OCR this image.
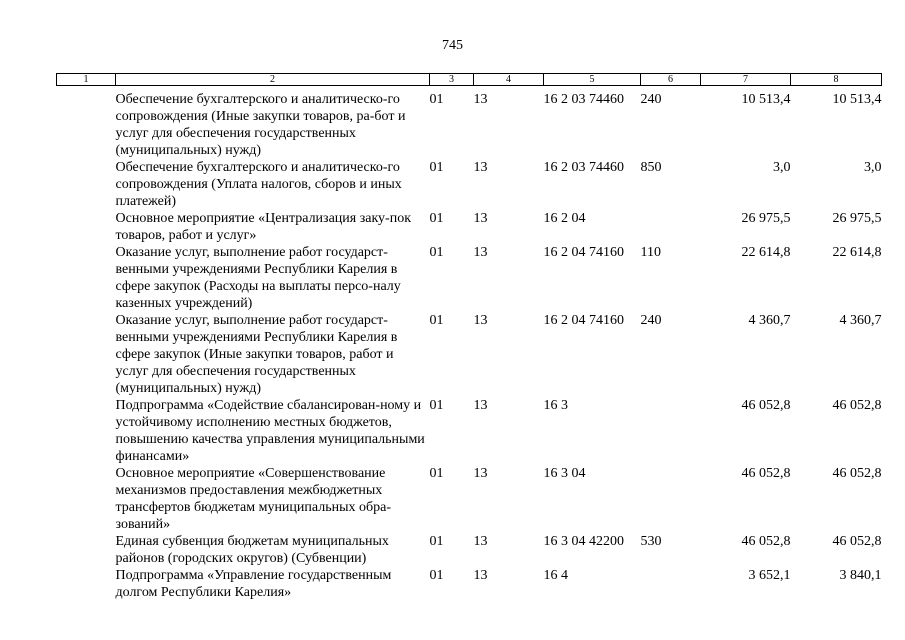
745
1	2	3	4	5	6	7	8
	Обеспечение бухгалтерского и аналитическо-го сопровождения (Иные закупки товаров, ра-бот и услуг для обеспечения государственных (муниципальных) нужд)	01	13	16 2 03 74460	240	10 513,4	10 513,4
	Обеспечение бухгалтерского и аналитическо-го сопровождения (Уплата налогов, сборов и иных платежей)	01	13	16 2 03 74460	850	3,0	3,0
	Основное мероприятие «Централизация заку-пок товаров, работ и услуг»	01	13	16 2 04		26 975,5	26 975,5
	Оказание услуг, выполнение работ государст-венными учреждениями Республики Карелия в сфере закупок (Расходы на выплаты персо-налу казенных учреждений)	01	13	16 2 04 74160	110	22 614,8	22 614,8
	Оказание услуг, выполнение работ государст-венными учреждениями Республики Карелия в сфере закупок (Иные закупки товаров, работ и услуг для обеспечения государственных (муниципальных) нужд)	01	13	16 2 04 74160	240	4 360,7	4 360,7
	Подпрограмма «Содействие сбалансирован-ному и устойчивому исполнению местных бюджетов, повышению качества управления муниципальными финансами»	01	13	16 3		46 052,8	46 052,8
	Основное мероприятие «Совершенствование механизмов предоставления межбюджетных трансфертов бюджетам муниципальных обра-зований»	01	13	16 3 04		46 052,8	46 052,8
	Единая субвенция бюджетам муниципальных районов (городских округов) (Субвенции)	01	13	16 3 04 42200	530	46 052,8	46 052,8
	Подпрограмма «Управление государственным долгом Республики Карелия»	01	13	16 4		3 652,1	3 840,1
